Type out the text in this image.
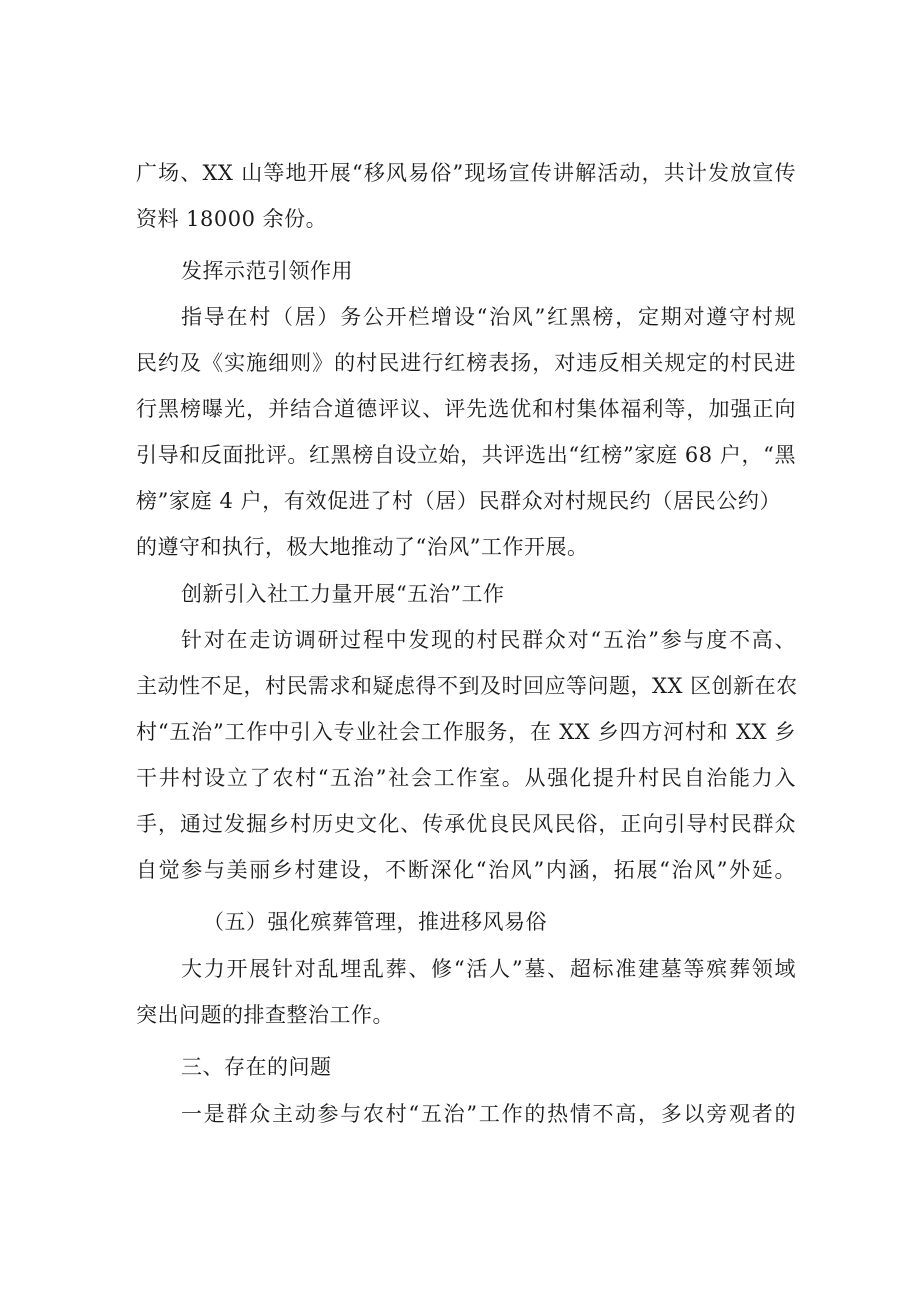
广场、XX 山等地开展“移风易俗”现场宣传讲解活动，共计发放宣传
资料 18000 余份。
发挥示范引领作用
指导在村（居）务公开栏增设“治风”红黑榜，定期对遵守村规
民约及《实施细则》的村民进行红榜表扬，对违反相关规定的村民进
行黑榜曝光，并结合道德评议、评先选优和村集体福利等，加强正向
引导和反面批评。红黑榜自设立始，共评选出“红榜”家庭 68 户，“黑
榜”家庭 4 户，有效促进了村（居）民群众对村规民约（居民公约）
的遵守和执行，极大地推动了“治风”工作开展。
创新引入社工力量开展“五治”工作
针对在走访调研过程中发现的村民群众对“五治”参与度不高、
主动性不足，村民需求和疑虑得不到及时回应等问题，XX 区创新在农
村“五治”工作中引入专业社会工作服务，在 XX 乡四方河村和 XX 乡
干井村设立了农村“五治”社会工作室。从强化提升村民自治能力入
手，通过发掘乡村历史文化、传承优良民风民俗，正向引导村民群众
自觉参与美丽乡村建设，不断深化“治风”内涵，拓展“治风”外延。
（五）强化殡葬管理，推进移风易俗
大力开展针对乱埋乱葬、修“活人”墓、超标准建墓等殡葬领域
突出问题的排查整治工作。
三、存在的问题
一是群众主动参与农村“五治”工作的热情不高，多以旁观者的
